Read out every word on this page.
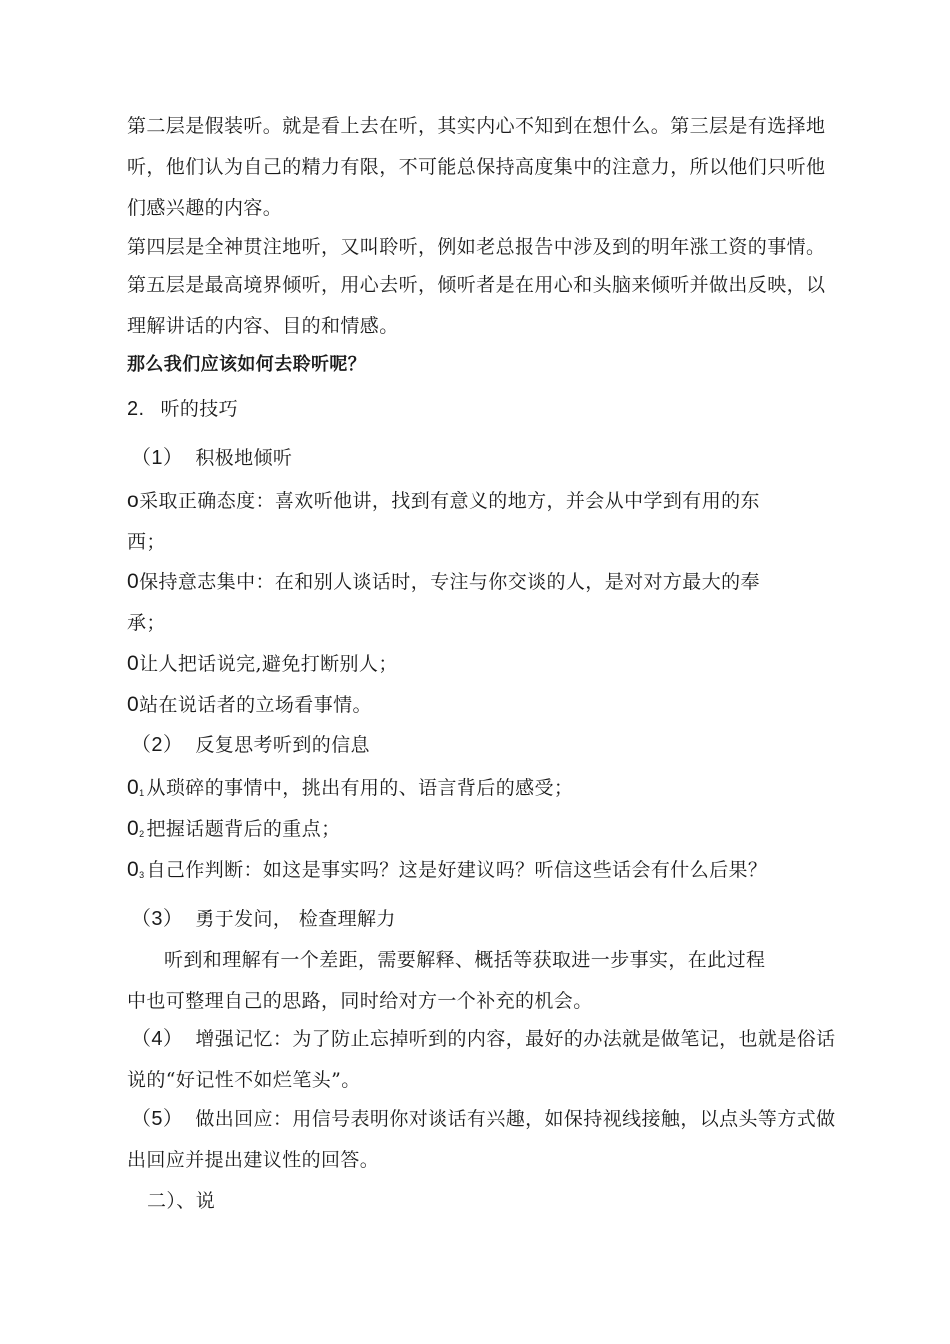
第二层是假装听。就是看上去在听，其实内心不知到在想什么。第三层是有选择地
听，他们认为自己的精力有限，不可能总保持高度集中的注意力，所以他们只听他
们感兴趣的内容。
第四层是全神贯注地听，又叫聆听，例如老总报告中涉及到的明年涨工资的事情。
第五层是最高境界倾听，用心去听，倾听者是在用心和头脑来倾听并做出反映，以
理解讲话的内容、目的和情感。
那么我们应该如何去聆听呢？
2. 听的技巧
（1） 积极地倾听
o采取正确态度：喜欢听他讲，找到有意义的地方，并会从中学到有用的东
西；
0保持意志集中：在和别人谈话时，专注与你交谈的人，是对对方最大的奉
承；
0让人把话说完,避免打断别人；
0站在说话者的立场看事情。
（2） 反复思考听到的信息
$0_1$ 从琐碎的事情中，挑出有用的、语言背后的感受；
$0_2$ 把握话题背后的重点；
$0_3$ 自己作判断：如这是事实吗？这是好建议吗？听信这些话会有什么后果？
（3） 勇于发问， 检查理解力
听到和理解有一个差距，需要解释、概括等获取进一步事实，在此过程
中也可整理自己的思路，同时给对方一个补充的机会。
（4） 增强记忆：为了防止忘掉听到的内容，最好的办法就是做笔记，也就是俗话
说的“好记性不如烂笔头”。
（5） 做出回应：用信号表明你对谈话有兴趣，如保持视线接触，以点头等方式做
出回应并提出建议性的回答。
二）、说
